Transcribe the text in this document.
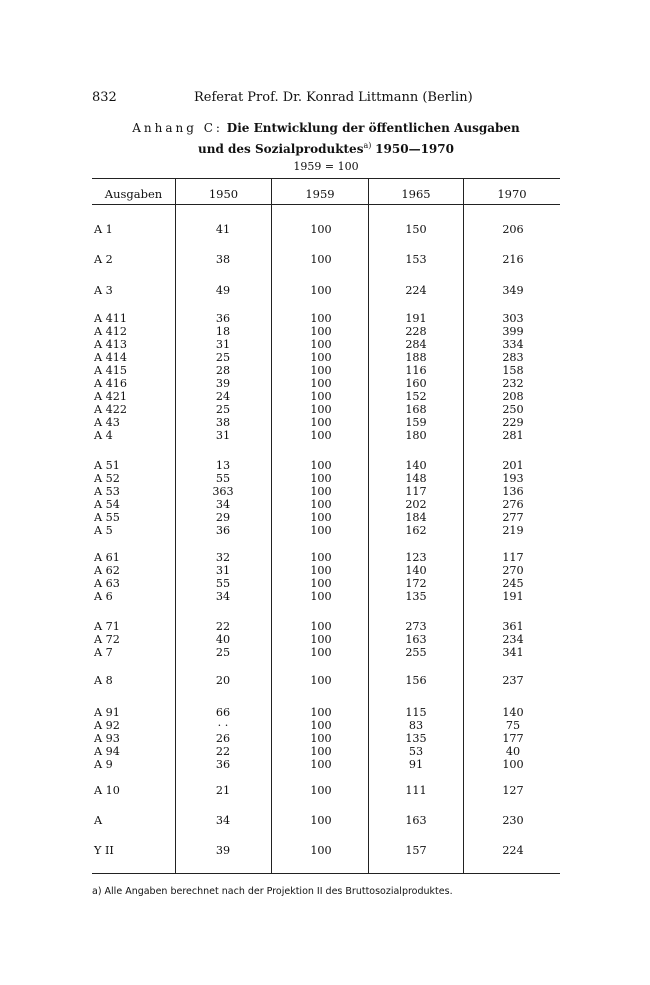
832	Referat Prof. Dr. Konrad Littmann (Berlin)
Anhang C: Die Entwicklung der öffentlichen Ausgaben
und des Sozialproduktes$^{a)}$ 1950—1970
1959 = 100
Ausgaben	1950	1959	1965	1970
A 1	41	100	150	206
A 2	38	100	153	216
A 3	49	100	224	349
A 411	36	100	191	303
A 412	18	100	228	399
A 413	31	100	284	334
A 414	25	100	188	283
A 415	28	100	116	158
A 416	39	100	160	232
A 421	24	100	152	208
A 422	25	100	168	250
A 43	38	100	159	229
A 4	31	100	180	281
A 51	13	100	140	201
A 52	55	100	148	193
A 53	363	100	117	136
A 54	34	100	202	276
A 55	29	100	184	277
A 5	36	100	162	219
A 61	32	100	123	117
A 62	31	100	140	270
A 63	55	100	172	245
A 6	34	100	135	191
A 71	22	100	273	361
A 72	40	100	163	234
A 7	25	100	255	341
A 8	20	100	156	237
A 91	66	100	115	140
A 92	· ·	100	83	75
A 93	26	100	135	177
A 94	22	100	53	40
A 9	36	100	91	100
A 10	21	100	111	127
A	34	100	163	230
Y II	39	100	157	224
a) Alle Angaben berechnet nach der Projektion II des Bruttosozialproduktes.
